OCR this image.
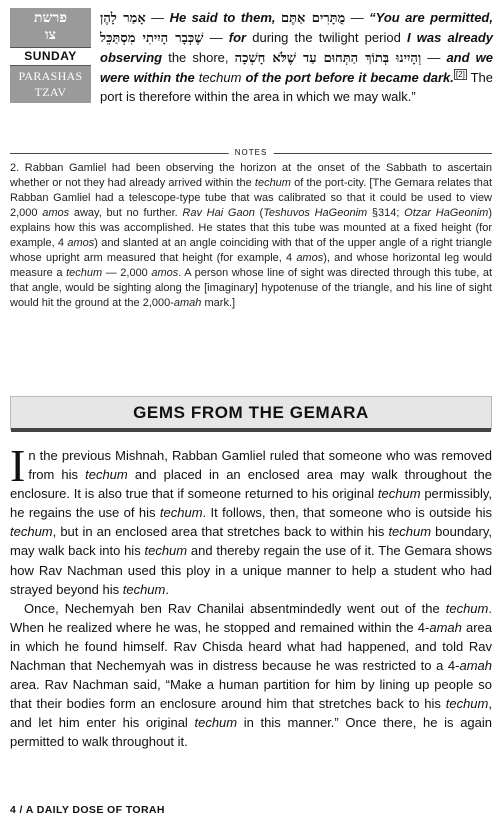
פרשת
צו
SUNDAY
PARASHAS
TZAV
אָמַר לָהֶן — He said to them, מֻתָּרִים אַתֶּם — “You are permitted, שֶׁכְּבָר הָיִיתִי מִסְתַּכֵּל — for during the twilight period I was already observing the shore, וְהָיִינוּ בְּתוֹךְ הַתְּחוּם עַד שֶׁלֹּא חָשְׁכָה — and we were within the techum of the port before it became dark. [2] The port is therefore within the area in which we may walk.”
NOTES

2. Rabban Gamliel had been observing the horizon at the onset of the Sabbath to ascertain whether or not they had already arrived within the techum of the port-city. [The Gemara relates that Rabban Gamliel had a telescope-type tube that was calibrated so that it could be used to view 2,000 amos away, but no further. Rav Hai Gaon (Teshuvos HaGeonim §314; Otzar HaGeonim) explains how this was accomplished. He states that this tube was mounted at a fixed height (for example, 4 amos) and slanted at an angle coinciding with that of the upper angle of a right triangle whose upright arm measured that height (for example, 4 amos), and whose horizontal leg would measure a techum — 2,000 amos. A person whose line of sight was directed through this tube, at that angle, would be sighting along the [imaginary] hypotenuse of the triangle, and his line of sight would hit the ground at the 2,000-amah mark.]

GEMS FROM THE GEMARA

In the previous Mishnah, Rabban Gamliel ruled that someone who was removed from his techum and placed in an enclosed area may walk throughout the enclosure. It is also true that if someone returned to his original techum permissibly, he regains the use of his techum. It follows, then, that someone who is outside his techum, but in an enclosed area that stretches back to within his techum boundary, may walk back into his techum and thereby regain the use of it. The Gemara shows how Rav Nachman used this ploy in a unique manner to help a student who had strayed beyond his techum.

Once, Nechemyah ben Rav Chanilai absentmindedly went out of the techum. When he realized where he was, he stopped and remained within the 4-amah area in which he found himself. Rav Chisda heard what had happened, and told Rav Nachman that Nechemyah was in distress because he was restricted to a 4-amah area. Rav Nachman said, “Make a human partition for him by lining up people so that their bodies form an enclosure around him that stretches back to his techum, and let him enter his original techum in this manner.” Once there, he is again permitted to walk throughout it.

4 / A DAILY DOSE OF TORAH
